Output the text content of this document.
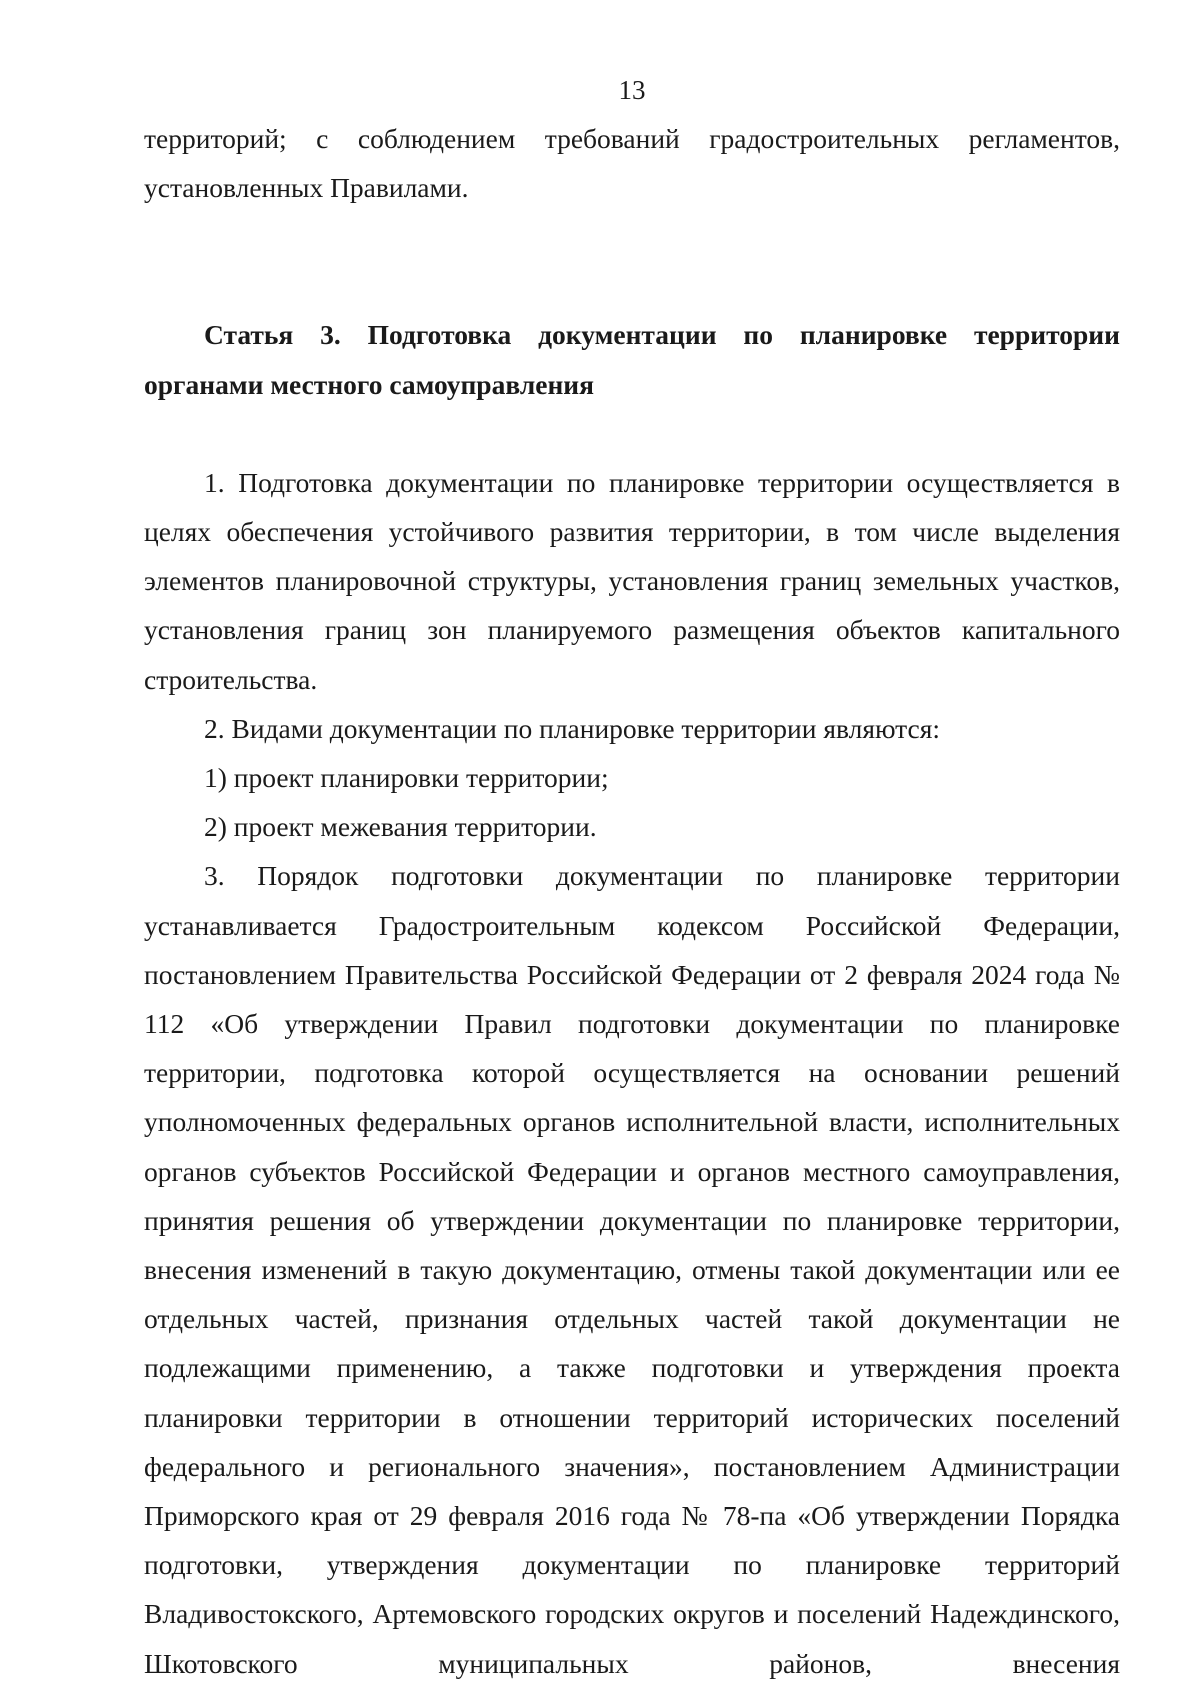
13

территорий; с соблюдением требований градостроительных регламентов, установленных Правилами.

Статья 3. Подготовка документации по планировке территории органами местного самоуправления

1. Подготовка документации по планировке территории осуществляется в целях обеспечения устойчивого развития территории, в том числе выделения элементов планировочной структуры, установления границ земельных участков, установления границ зон планируемого размещения объектов капитального строительства.

2. Видами документации по планировке территории являются:

1) проект планировки территории;

2) проект межевания территории.

3. Порядок подготовки документации по планировке территории устанавливается Градостроительным кодексом Российской Федерации, постановлением Правительства Российской Федерации от 2 февраля 2024 года № 112 «Об утверждении Правил подготовки документации по планировке территории, подготовка которой осуществляется на основании решений уполномоченных федеральных органов исполнительной власти, исполнительных органов субъектов Российской Федерации и органов местного самоуправления, принятия решения об утверждении документации по планировке территории, внесения изменений в такую документацию, отмены такой документации или ее отдельных частей, признания отдельных частей такой документации не подлежащими применению, а также подготовки и утверждения проекта планировки территории в отношении территорий исторических поселений федерального и регионального значения», постановлением Администрации Приморского края от 29 февраля 2016 года № 78-па «Об утверждении Порядка подготовки, утверждения документации по планировке территорий Владивостокского, Артемовского городских округов и поселений Надеждинского, Шкотовского муниципальных районов, внесения
